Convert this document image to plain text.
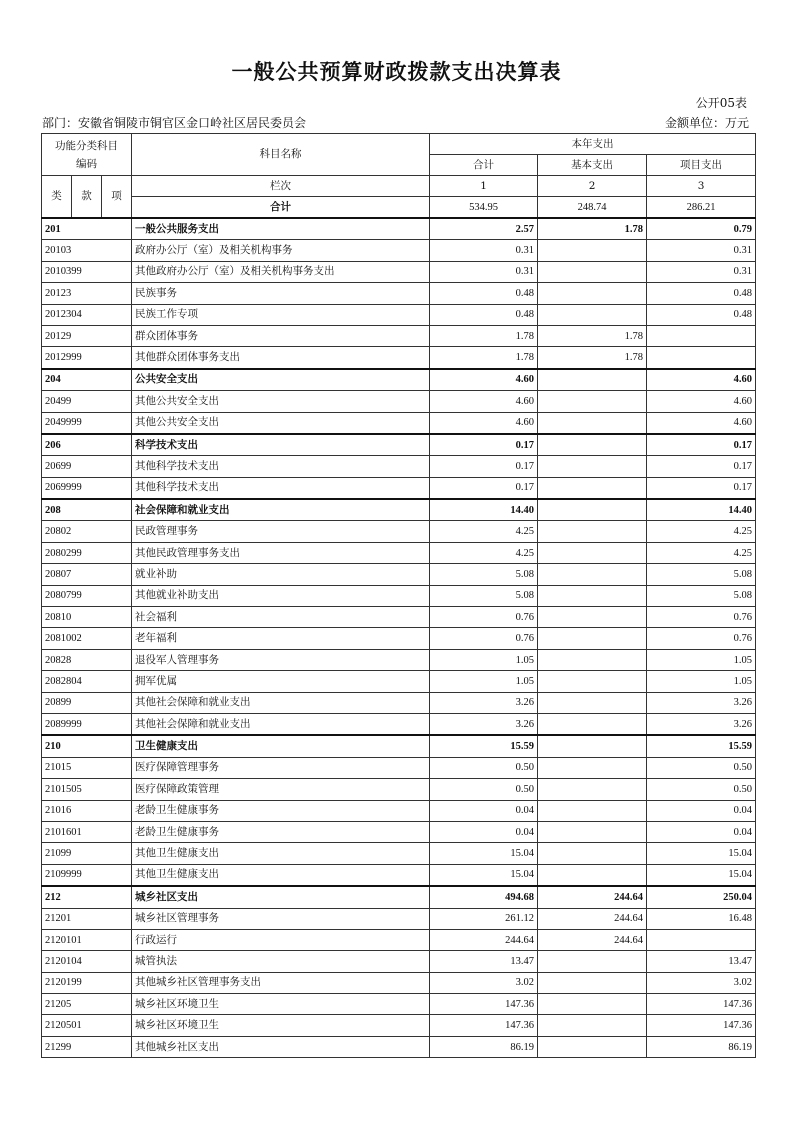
一般公共预算财政拨款支出决算表
公开05表
部门：安徽省铜陵市铜官区金口岭社区居民委员会	金额单位：万元
功能分类科目编码			科目名称	本年支出		
				合计	基本支出	项目支出
类	款	项	栏次	1	2	3
			合计	534.95	248.74	286.21
201			一般公共服务支出	2.57	1.78	0.79
20103			政府办公厅（室）及相关机构事务	0.31		0.31
2010399			其他政府办公厅（室）及相关机构事务支出	0.31		0.31
20123			民族事务	0.48		0.48
2012304			民族工作专项	0.48		0.48
20129			群众团体事务	1.78	1.78	
2012999			其他群众团体事务支出	1.78	1.78	
204			公共安全支出	4.60		4.60
20499			其他公共安全支出	4.60		4.60
2049999			其他公共安全支出	4.60		4.60
206			科学技术支出	0.17		0.17
20699			其他科学技术支出	0.17		0.17
2069999			其他科学技术支出	0.17		0.17
208			社会保障和就业支出	14.40		14.40
20802			民政管理事务	4.25		4.25
2080299			其他民政管理事务支出	4.25		4.25
20807			就业补助	5.08		5.08
2080799			其他就业补助支出	5.08		5.08
20810			社会福利	0.76		0.76
2081002			老年福利	0.76		0.76
20828			退役军人管理事务	1.05		1.05
2082804			拥军优属	1.05		1.05
20899			其他社会保障和就业支出	3.26		3.26
2089999			其他社会保障和就业支出	3.26		3.26
210			卫生健康支出	15.59		15.59
21015			医疗保障管理事务	0.50		0.50
2101505			医疗保障政策管理	0.50		0.50
21016			老龄卫生健康事务	0.04		0.04
2101601			老龄卫生健康事务	0.04		0.04
21099			其他卫生健康支出	15.04		15.04
2109999			其他卫生健康支出	15.04		15.04
212			城乡社区支出	494.68	244.64	250.04
21201			城乡社区管理事务	261.12	244.64	16.48
2120101			行政运行	244.64	244.64	
2120104			城管执法	13.47		13.47
2120199			其他城乡社区管理事务支出	3.02		3.02
21205			城乡社区环境卫生	147.36		147.36
2120501			城乡社区环境卫生	147.36		147.36
21299			其他城乡社区支出	86.19		86.19
